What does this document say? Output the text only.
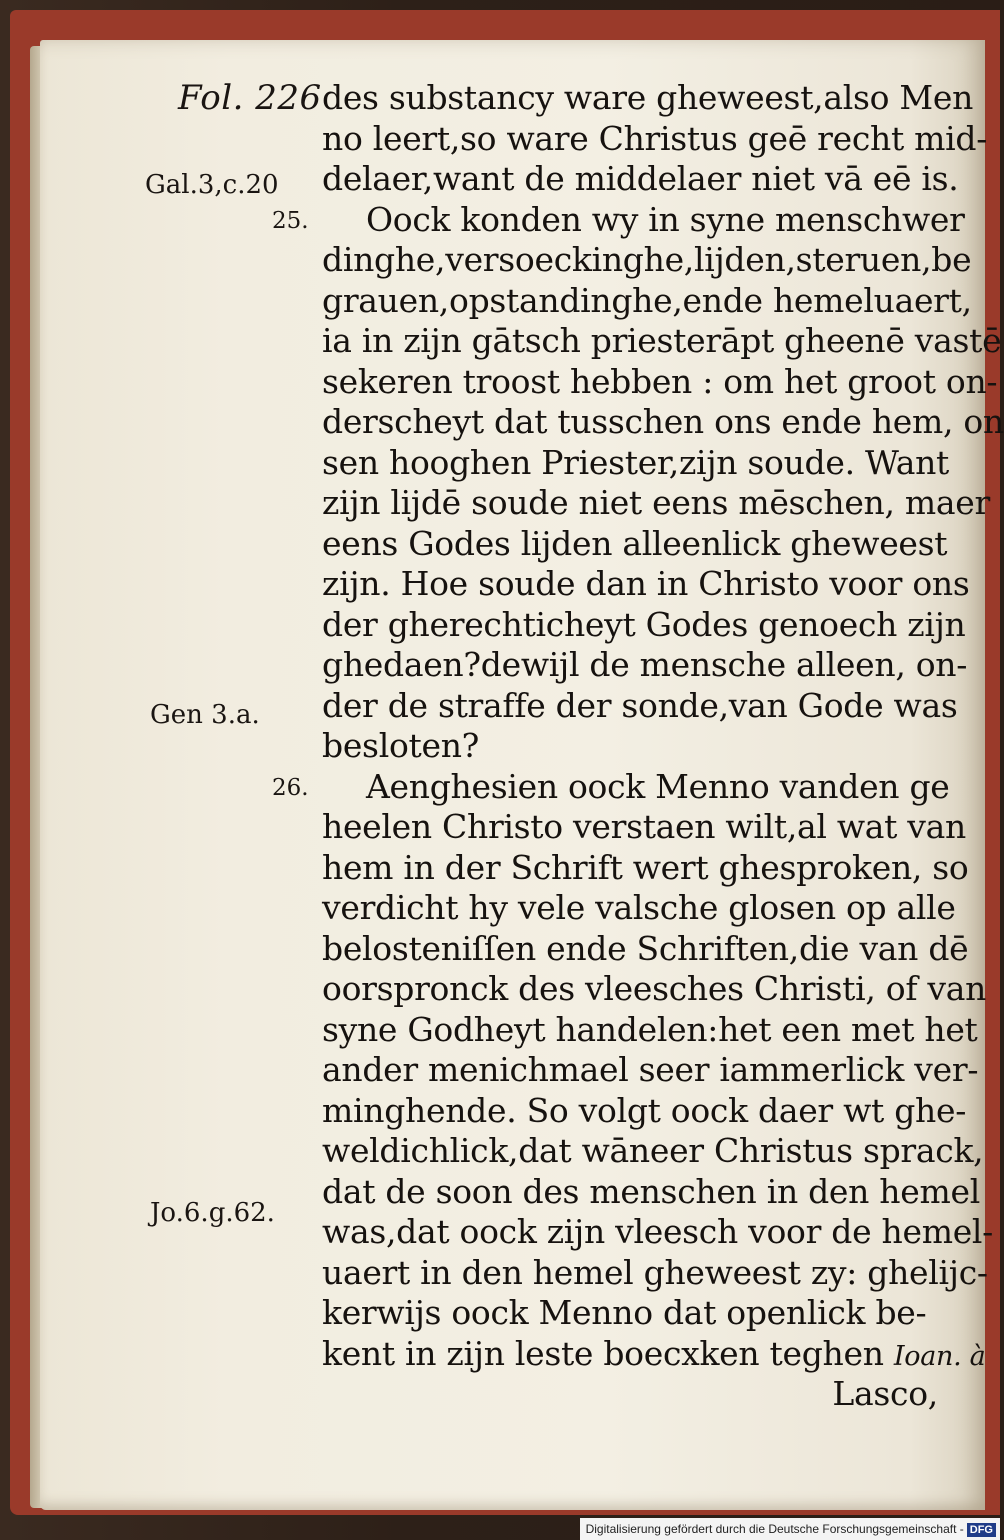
Fol. 226
Gal.3,c.20
25.
Gen 3.a.
26.
Jo.6.g.62.
des substancy ware gheweest,also Men
no leert,so ware Christus geē recht mid-
delaer,want de middelaer niet vā eē is.
Oock konden wy in syne menschwer
dinghe,versoeckinghe,lijden,steruen,be
grauen,opstandinghe,ende hemeluaert,
ia in zijn gātsch priesterāpt gheenē vastē
sekeren troost hebben : om het groot on-
derscheyt dat tusschen ons ende hem, on
sen hooghen Priester,zijn soude. Want
zijn lijdē soude niet eens mēschen, maer
eens Godes lijden alleenlick gheweest
zijn. Hoe soude dan in Christo voor ons
der gherechticheyt Godes genoech zijn
ghedaen?dewijl de mensche alleen, on-
der de straffe der sonde,van Gode was
besloten?
Aenghesien oock Menno vanden ge
heelen Christo verstaen wilt,al wat van
hem in der Schrift wert ghesproken, so
verdicht hy vele valsche glosen op alle
belosteniſſen ende Schriften,die van dē
oorspronck des vleesches Christi, of van
syne Godheyt handelen:het een met het
ander menichmael seer iammerlick ver-
minghende. So volgt oock daer wt ghe-
weldichlick,dat wāneer Christus sprack,
dat de soon des menschen in den hemel
was,dat oock zijn vleesch voor de hemel-
uaert in den hemel gheweest zy: ghelijc-
kerwijs oock Menno dat openlick be-
kent in zijn leste boecxken teghen Ioan. à
Lasco,
Digitalisierung gefördert durch die Deutsche Forschungsgemeinschaft - DFG
